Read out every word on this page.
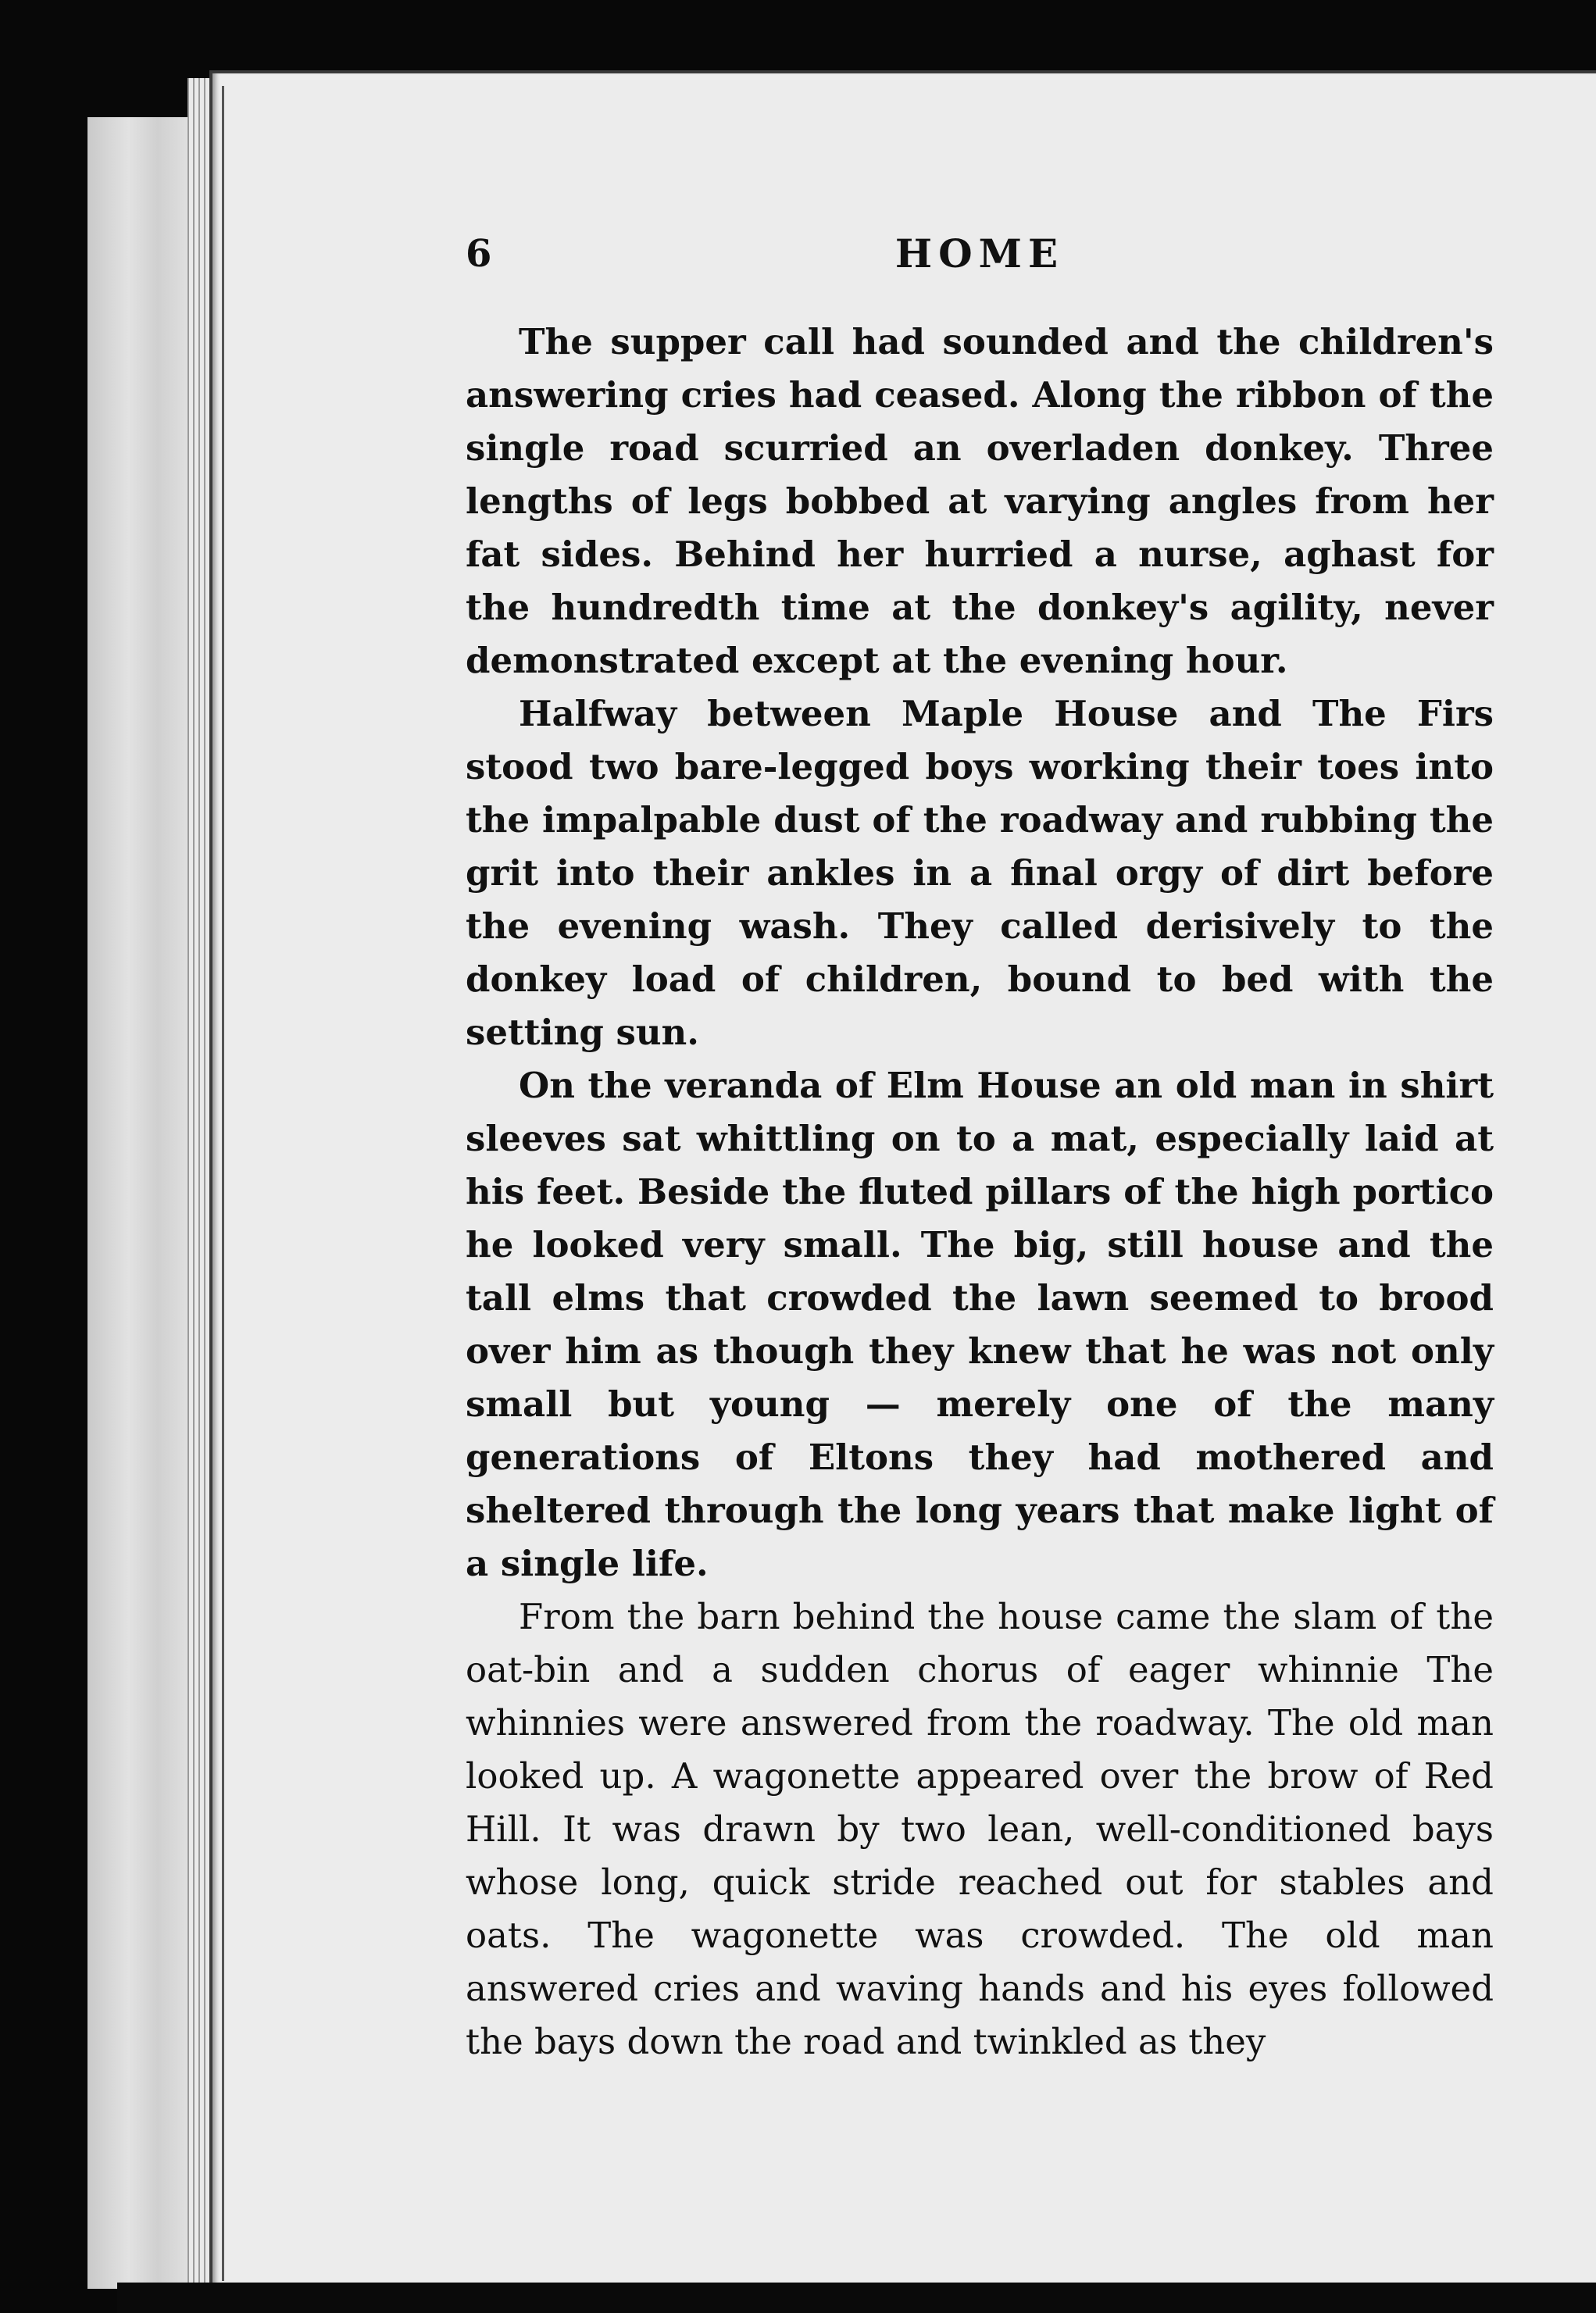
6	HOME

The supper call had sounded and the children's answering cries had ceased. Along the ribbon of the single road scurried an overladen donkey. Three lengths of legs bobbed at varying angles from her fat sides. Behind her hurried a nurse, aghast for the hundredth time at the donkey's agility, never demonstrated except at the evening hour.

Halfway between Maple House and The Firs stood two bare-legged boys working their toes into the impalpable dust of the roadway and rubbing the grit into their ankles in a final orgy of dirt before the evening wash. They called derisively to the donkey load of children, bound to bed with the setting sun.

On the veranda of Elm House an old man in shirt sleeves sat whittling on to a mat, especially laid at his feet. Beside the fluted pillars of the high portico he looked very small. The big, still house and the tall elms that crowded the lawn seemed to brood over him as though they knew that he was not only small but young — merely one of the many generations of Eltons they had mothered and sheltered through the long years that make light of a single life.

From the barn behind the house came the slam of the oat-bin and a sudden chorus of eager whinnie The whinnies were answered from the roadway. The old man looked up. A wagonette appeared over the brow of Red Hill. It was drawn by two lean, well-conditioned bays whose long, quick stride reached out for stables and oats. The wagonette was crowded. The old man answered cries and waving hands and his eyes followed the bays down the road and twinkled as they
